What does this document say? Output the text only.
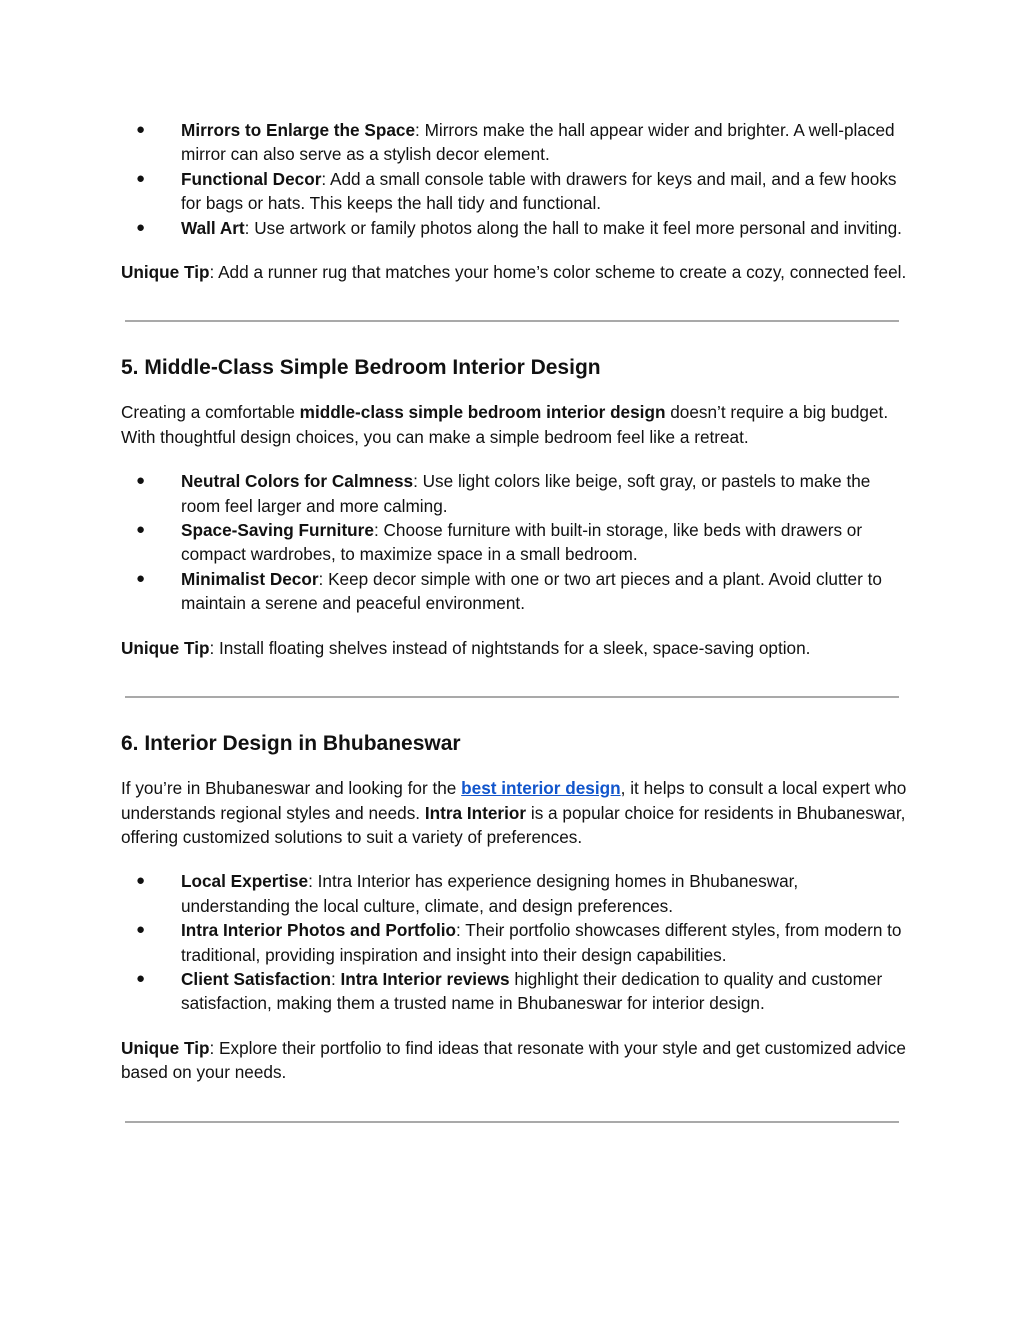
● Mirrors to Enlarge the Space: Mirrors make the hall appear wider and brighter. A well-placed mirror can also serve as a stylish decor element.
● Functional Decor: Add a small console table with drawers for keys and mail, and a few hooks for bags or hats. This keeps the hall tidy and functional.
● Wall Art: Use artwork or family photos along the hall to make it feel more personal and inviting.

Unique Tip: Add a runner rug that matches your home’s color scheme to create a cozy, connected feel.

5. Middle-Class Simple Bedroom Interior Design

Creating a comfortable middle-class simple bedroom interior design doesn’t require a big budget. With thoughtful design choices, you can make a simple bedroom feel like a retreat.

● Neutral Colors for Calmness: Use light colors like beige, soft gray, or pastels to make the room feel larger and more calming.
● Space-Saving Furniture: Choose furniture with built-in storage, like beds with drawers or compact wardrobes, to maximize space in a small bedroom.
● Minimalist Decor: Keep decor simple with one or two art pieces and a plant. Avoid clutter to maintain a serene and peaceful environment.

Unique Tip: Install floating shelves instead of nightstands for a sleek, space-saving option.

6. Interior Design in Bhubaneswar

If you’re in Bhubaneswar and looking for the best interior design, it helps to consult a local expert who understands regional styles and needs. Intra Interior is a popular choice for residents in Bhubaneswar, offering customized solutions to suit a variety of preferences.

● Local Expertise: Intra Interior has experience designing homes in Bhubaneswar, understanding the local culture, climate, and design preferences.
● Intra Interior Photos and Portfolio: Their portfolio showcases different styles, from modern to traditional, providing inspiration and insight into their design capabilities.
● Client Satisfaction: Intra Interior reviews highlight their dedication to quality and customer satisfaction, making them a trusted name in Bhubaneswar for interior design.

Unique Tip: Explore their portfolio to find ideas that resonate with your style and get customized advice based on your needs.
